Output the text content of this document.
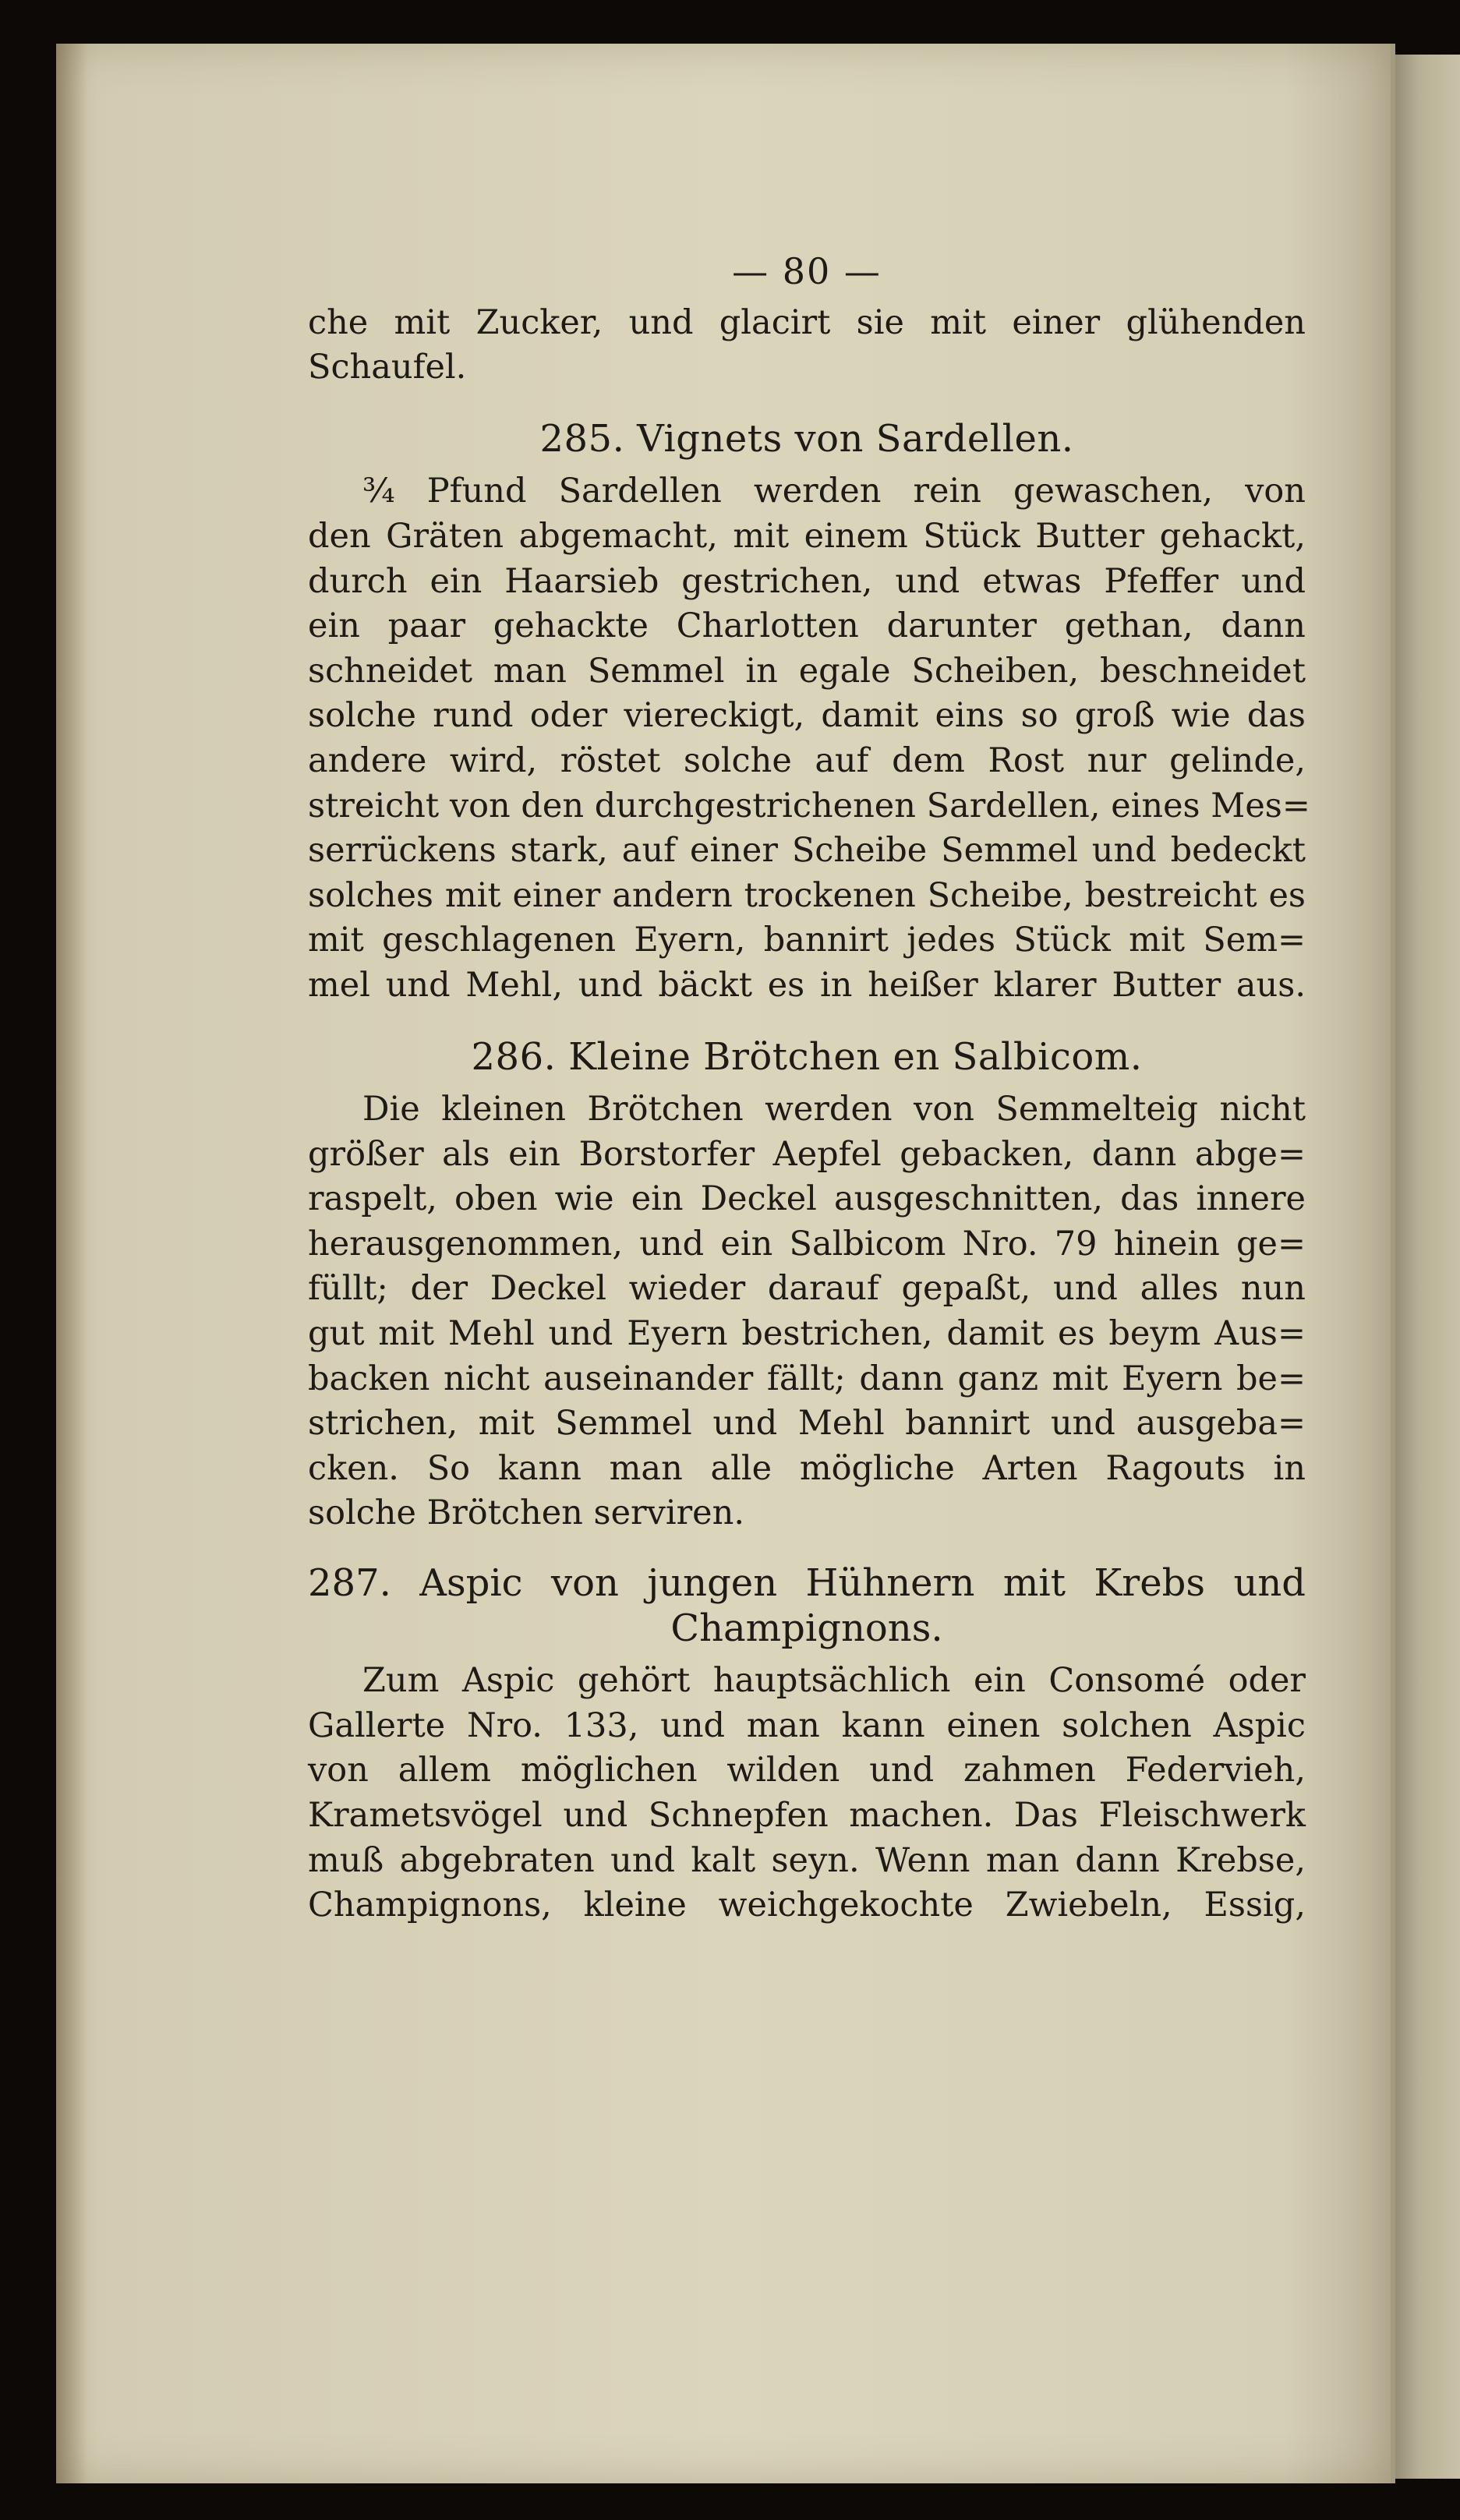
— 80 —
che mit Zucker, und glacirt sie mit einer glühenden
Schaufel.
285. Vignets von Sardellen.
¾ Pfund Sardellen werden rein gewaschen, von
den Gräten abgemacht, mit einem Stück Butter gehackt,
durch ein Haarsieb gestrichen, und etwas Pfeffer und
ein paar gehackte Charlotten darunter gethan, dann
schneidet man Semmel in egale Scheiben, beschneidet
solche rund oder viereckigt, damit eins so groß wie das
andere wird, röstet solche auf dem Rost nur gelinde,
streicht von den durchgestrichenen Sardellen, eines Mes=
serrückens stark, auf einer Scheibe Semmel und bedeckt
solches mit einer andern trockenen Scheibe, bestreicht es
mit geschlagenen Eyern, bannirt jedes Stück mit Sem=
mel und Mehl, und bäckt es in heißer klarer Butter aus.
286. Kleine Brötchen en Salbicom.
Die kleinen Brötchen werden von Semmelteig nicht
größer als ein Borstorfer Aepfel gebacken, dann abge=
raspelt, oben wie ein Deckel ausgeschnitten, das innere
herausgenommen, und ein Salbicom Nro. 79 hinein ge=
füllt; der Deckel wieder darauf gepaßt, und alles nun
gut mit Mehl und Eyern bestrichen, damit es beym Aus=
backen nicht auseinander fällt; dann ganz mit Eyern be=
strichen, mit Semmel und Mehl bannirt und ausgeba=
cken. So kann man alle mögliche Arten Ragouts in
solche Brötchen serviren.
287. Aspic von jungen Hühnern mit Krebs und
Champignons.
Zum Aspic gehört hauptsächlich ein Consomé oder
Gallerte Nro. 133, und man kann einen solchen Aspic
von allem möglichen wilden und zahmen Federvieh,
Krametsvögel und Schnepfen machen. Das Fleischwerk
muß abgebraten und kalt seyn. Wenn man dann Krebse,
Champignons, kleine weichgekochte Zwiebeln, Essig,
